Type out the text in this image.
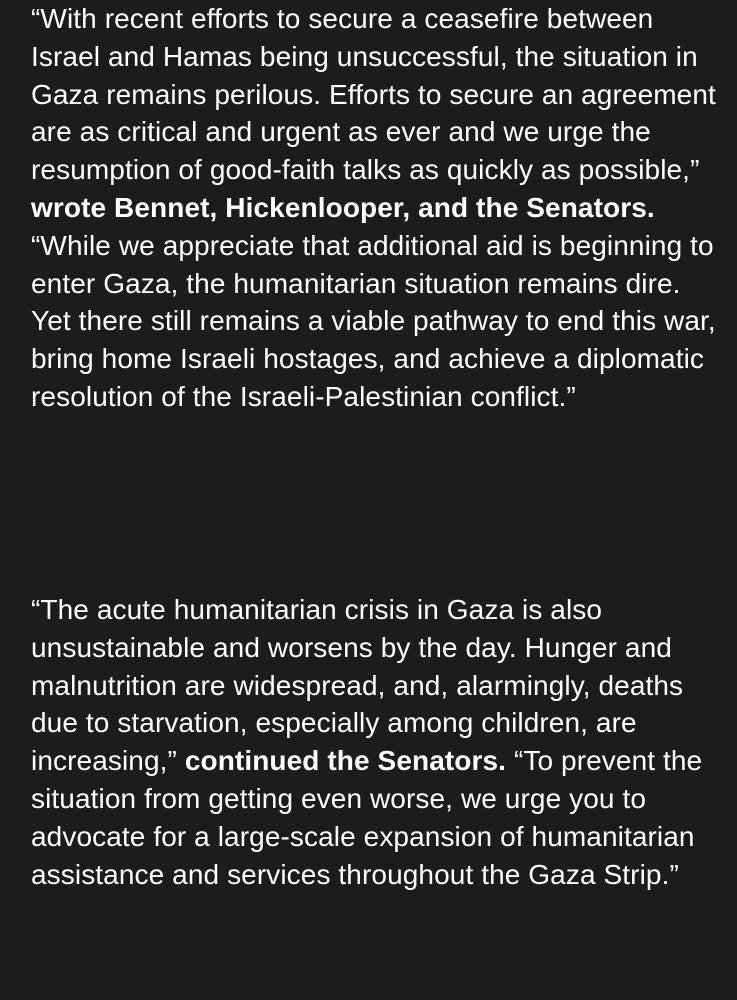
“With recent efforts to secure a ceasefire between Israel and Hamas being unsuccessful, the situation in Gaza remains perilous. Efforts to secure an agreement are as critical and urgent as ever and we urge the resumption of good-faith talks as quickly as possible,” wrote Bennet, Hickenlooper, and the Senators. “While we appreciate that additional aid is beginning to enter Gaza, the humanitarian situation remains dire. Yet there still remains a viable pathway to end this war, bring home Israeli hostages, and achieve a diplomatic resolution of the Israeli-Palestinian conflict.”

“The acute humanitarian crisis in Gaza is also unsustainable and worsens by the day. Hunger and malnutrition are widespread, and, alarmingly, deaths due to starvation, especially among children, are increasing,” continued the Senators. “To prevent the situation from getting even worse, we urge you to advocate for a large-scale expansion of humanitarian assistance and services throughout the Gaza Strip.”
